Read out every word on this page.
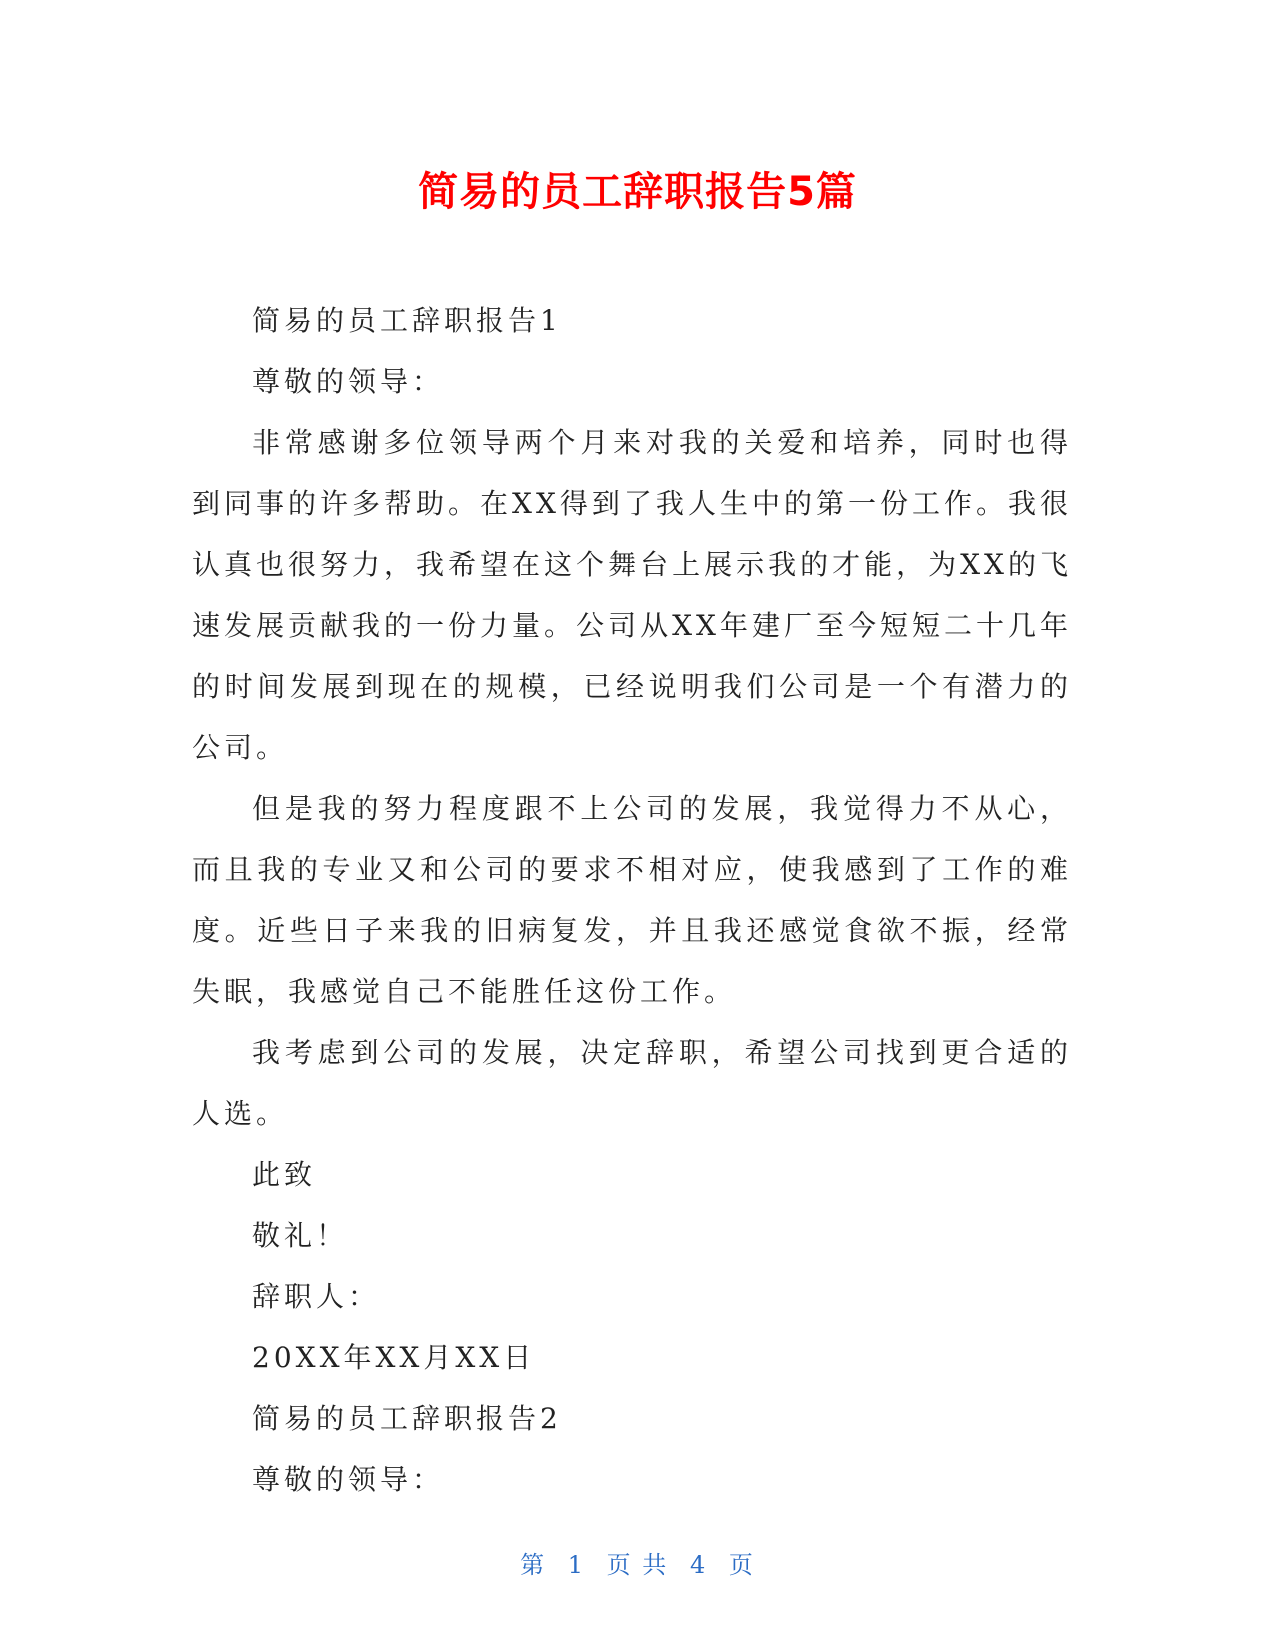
简易的员工辞职报告5篇

简易的员工辞职报告1

尊敬的领导：

非常感谢多位领导两个月来对我的关爱和培养，同时也得到同事的许多帮助。在XX得到了我人生中的第一份工作。我很认真也很努力，我希望在这个舞台上展示我的才能，为XX的飞速发展贡献我的一份力量。公司从XX年建厂至今短短二十几年的时间发展到现在的规模，已经说明我们公司是一个有潜力的公司。

但是我的努力程度跟不上公司的发展，我觉得力不从心，而且我的专业又和公司的要求不相对应，使我感到了工作的难度。近些日子来我的旧病复发，并且我还感觉食欲不振，经常失眠，我感觉自己不能胜任这份工作。

我考虑到公司的发展，决定辞职，希望公司找到更合适的人选。

此致

敬礼！

辞职人：

20XX年XX月XX日

简易的员工辞职报告2

尊敬的领导：

第 1 页 共 4 页
